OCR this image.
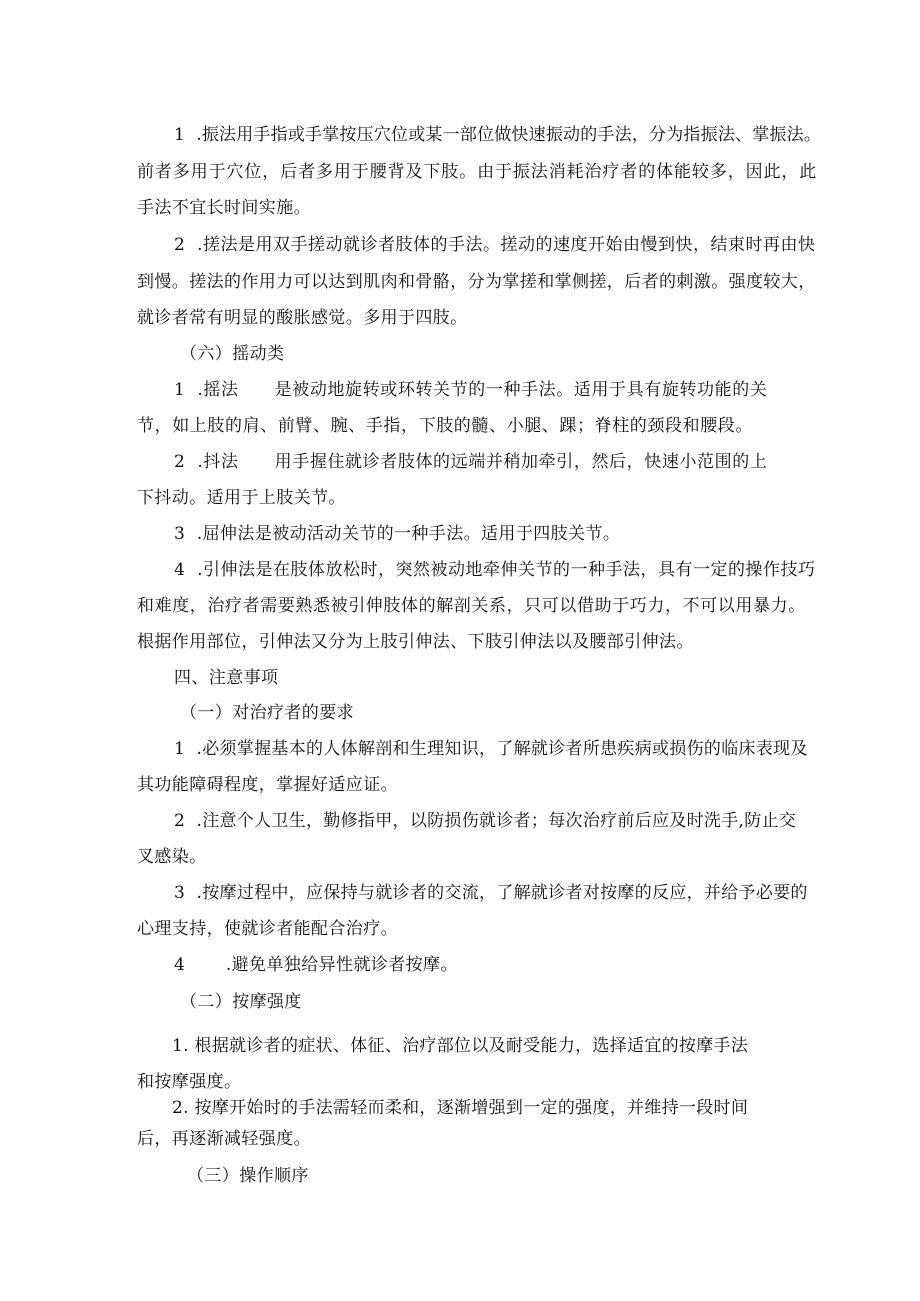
1  .振法用手指或手掌按压穴位或某一部位做快速振动的手法，分为指振法、掌振法。

前者多用于穴位，后者多用于腰背及下肢。由于振法消耗治疗者的体能较多，因此，此

手法不宜长时间实施。

2  .搓法是用双手搓动就诊者肢体的手法。搓动的速度开始由慢到快，结束时再由快

到慢。搓法的作用力可以达到肌肉和骨骼，分为掌搓和掌侧搓，后者的刺激。强度较大，

就诊者常有明显的酸胀感觉。多用于四肢。

（六）摇动类

1  .摇法      是被动地旋转或环转关节的一种手法。适用于具有旋转功能的关

节，如上肢的肩、前臂、腕、手指，下肢的髓、小腿、踝；脊柱的颈段和腰段。

2  .抖法      用手握住就诊者肢体的远端并稍加牵引，然后，快速小范围的上

下抖动。适用于上肢关节。

3  .屈伸法是被动活动关节的一种手法。适用于四肢关节。

4  .引伸法是在肢体放松时，突然被动地牵伸关节的一种手法，具有一定的操作技巧

和难度，治疗者需要熟悉被引伸肢体的解剖关系，只可以借助于巧力，不可以用暴力。

根据作用部位，引伸法又分为上肢引伸法、下肢引伸法以及腰部引伸法。

四、注意事项

（一）对治疗者的要求

1  .必须掌握基本的人体解剖和生理知识，了解就诊者所患疾病或损伤的临床表现及

其功能障碍程度，掌握好适应证。

2  .注意个人卫生，勤修指甲，以防损伤就诊者；每次治疗前后应及时洗手,防止交

叉感染。

3  .按摩过程中，应保持与就诊者的交流，了解就诊者对按摩的反应，并给予必要的

心理支持，使就诊者能配合治疗。

4       .避免单独给异性就诊者按摩。

（二）按摩强度

1. 根据就诊者的症状、体征、治疗部位以及耐受能力，选择适宜的按摩手法

和按摩强度。

2. 按摩开始时的手法需轻而柔和，逐渐增强到一定的强度，并维持一段时间

后，再逐渐减轻强度。

（三）操作顺序
